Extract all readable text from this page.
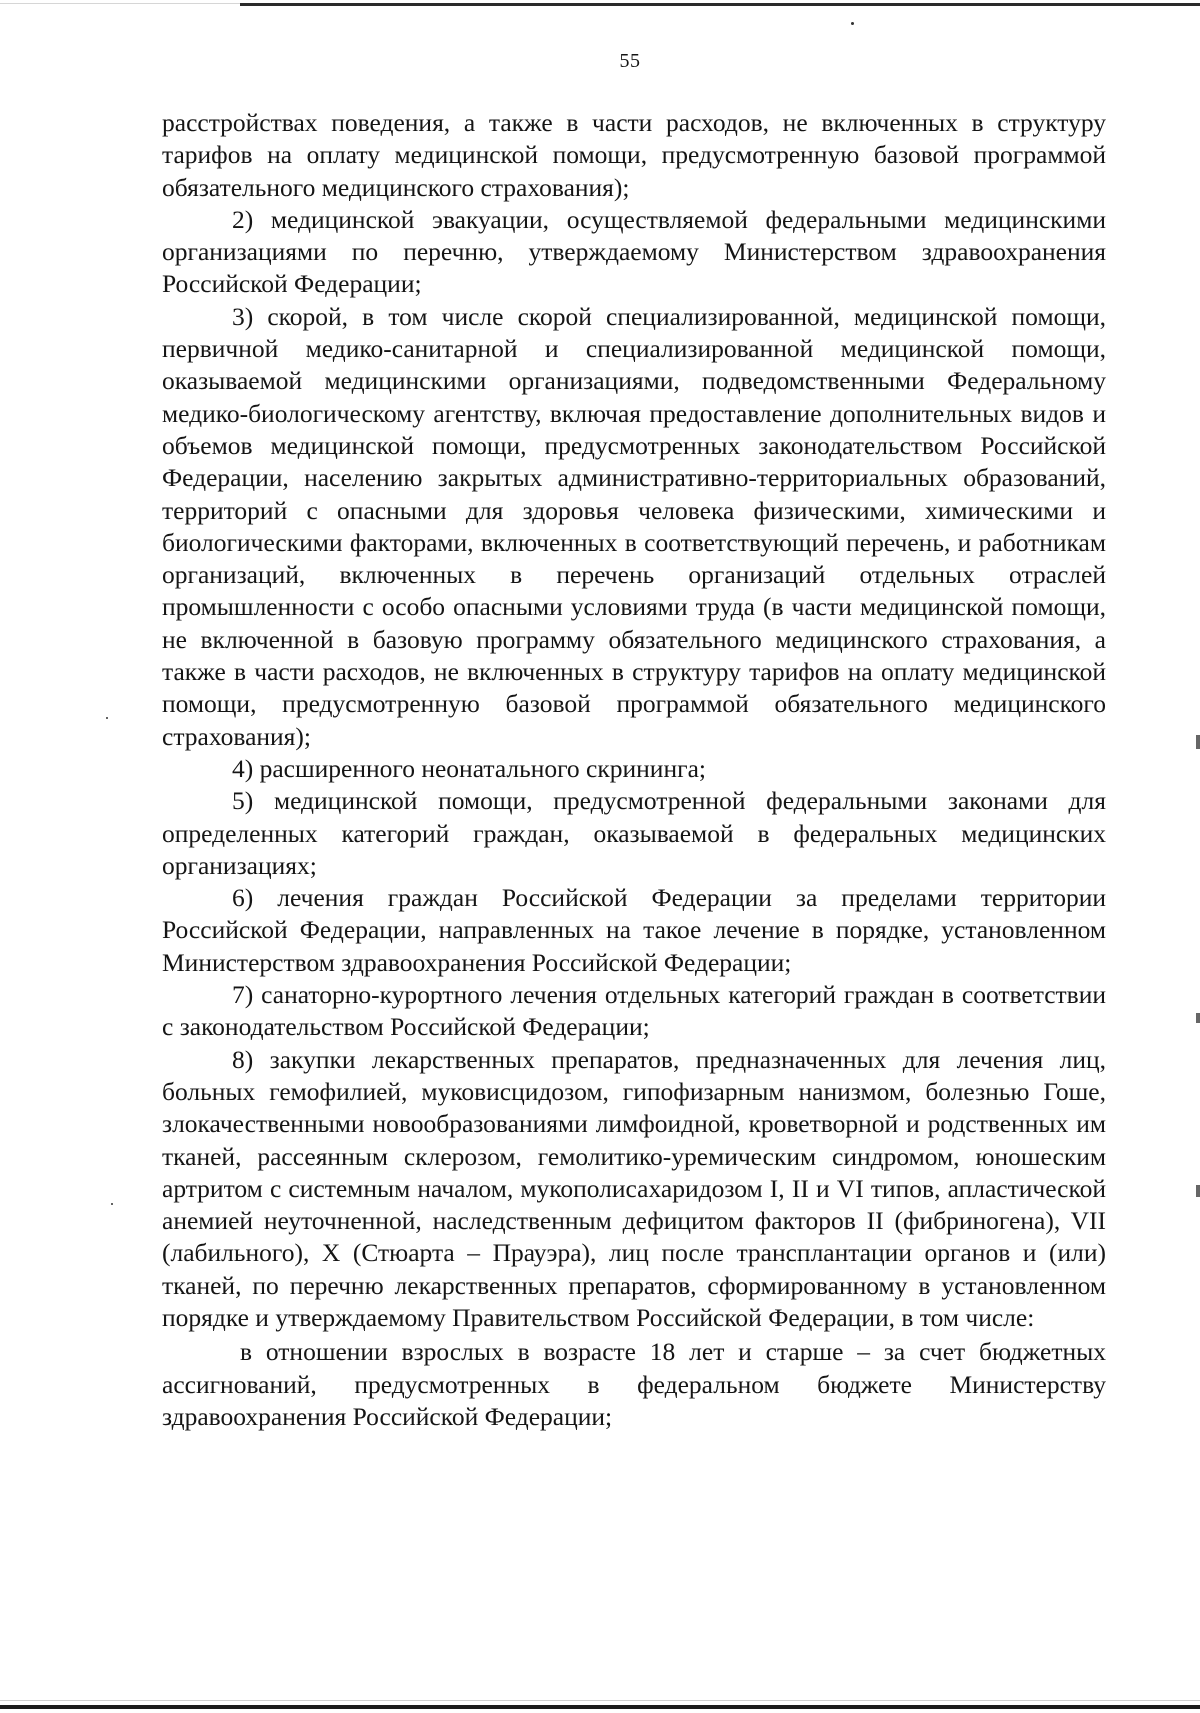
55

расстройствах поведения, а также в части расходов, не включенных в структуру тарифов на оплату медицинской помощи, предусмотренную базовой программой обязательного медицинского страхования);

2) медицинской эвакуации, осуществляемой федеральными медицинскими организациями по перечню, утверждаемому Министерством здравоохранения Российской Федерации;

3) скорой, в том числе скорой специализированной, медицинской помощи, первичной медико-санитарной и специализированной медицинской помощи, оказываемой медицинскими организациями, подведомственными Федеральному медико-биологическому агентству, включая предоставление дополнительных видов и объемов медицинской помощи, предусмотренных законодательством Российской Федерации, населению закрытых административно-территориальных образований, территорий с опасными для здоровья человека физическими, химическими и биологическими факторами, включенных в соответствующий перечень, и работникам организаций, включенных в перечень организаций отдельных отраслей промышленности с особо опасными условиями труда (в части медицинской помощи, не включенной в базовую программу обязательного медицинского страхования, а также в части расходов, не включенных в структуру тарифов на оплату медицинской помощи, предусмотренную базовой программой обязательного медицинского страхования);

4) расширенного неонатального скрининга;

5) медицинской помощи, предусмотренной федеральными законами для определенных категорий граждан, оказываемой в федеральных медицинских организациях;

6) лечения граждан Российской Федерации за пределами территории Российской Федерации, направленных на такое лечение в порядке, установленном Министерством здравоохранения Российской Федерации;

7) санаторно-курортного лечения отдельных категорий граждан в соответствии с законодательством Российской Федерации;

8) закупки лекарственных препаратов, предназначенных для лечения лиц, больных гемофилией, муковисцидозом, гипофизарным нанизмом, болезнью Гоше, злокачественными новообразованиями лимфоидной, кроветворной и родственных им тканей, рассеянным склерозом, гемолитико-уремическим синдромом, юношеским артритом с системным началом, мукополисахаридозом I, II и VI типов, апластической анемией неуточненной, наследственным дефицитом факторов II (фибриногена), VII (лабильного), X (Стюарта – Прауэра), лиц после трансплантации органов и (или) тканей, по перечню лекарственных препаратов, сформированному в установленном порядке и утверждаемому Правительством Российской Федерации, в том числе:

в отношении взрослых в возрасте 18 лет и старше – за счет бюджетных ассигнований, предусмотренных в федеральном бюджете Министерству здравоохранения Российской Федерации;
